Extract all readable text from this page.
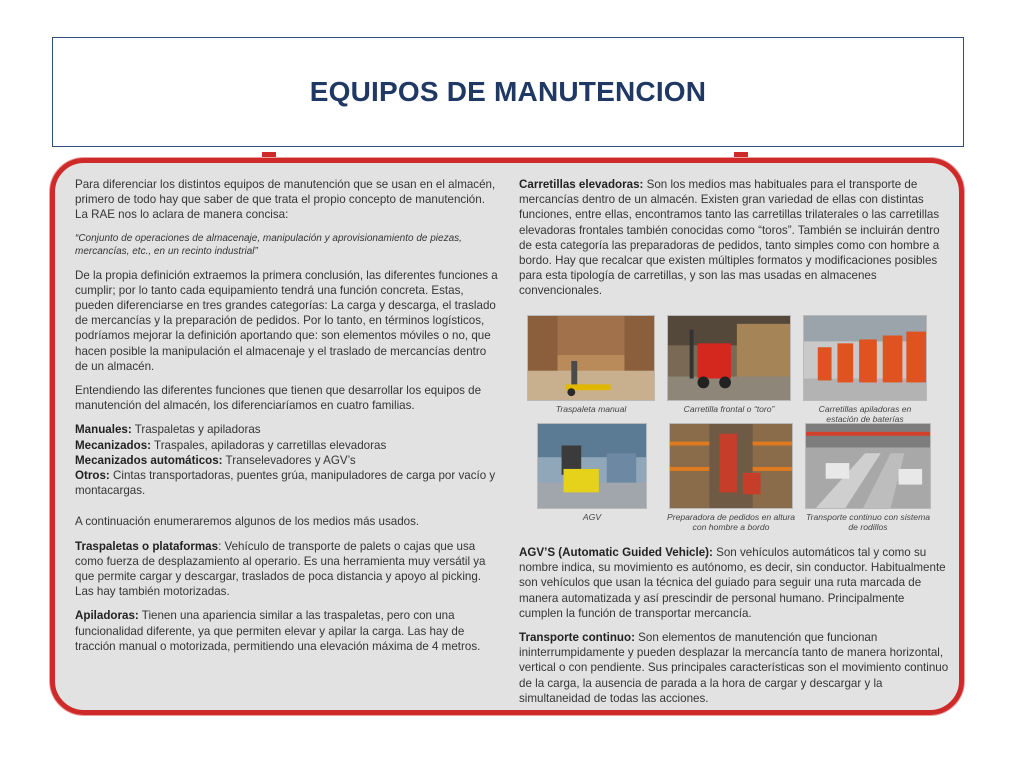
EQUIPOS DE MANUTENCION

Para diferenciar los distintos equipos de manutención que se usan en el almacén, primero de todo hay que saber de que trata el propio concepto de manutención. La RAE nos lo aclara de manera concisa:

“Conjunto de operaciones de almacenaje, manipulación y aprovisionamiento de piezas, mercancías, etc., en un recinto industrial”

De la propia definición extraemos la primera conclusión, las diferentes funciones a cumplir; por lo tanto cada equipamiento tendrá una función concreta. Estas, pueden diferenciarse en tres grandes categorías: La carga y descarga, el traslado de mercancías y la preparación de pedidos. Por lo tanto, en términos logísticos, podríamos mejorar la definición aportando que: son elementos móviles o no, que hacen posible la manipulación el almacenaje y el traslado de mercancías dentro de un almacén.

Entendiendo las diferentes funciones que tienen que desarrollar los equipos de manutención del almacén, los diferenciaríamos en cuatro familias.

Manuales: Traspaletas y apiladoras
Mecanizados: Traspales, apiladoras y carretillas elevadoras
Mecanizados automáticos: Transelevadores y AGV’s
Otros: Cintas transportadoras, puentes grúa, manipuladores de carga por vacío y montacargas.

A continuación enumeraremos algunos de los medios más usados.

Traspaletas o plataformas: Vehículo de transporte de palets o cajas que usa como fuerza de desplazamiento al operario. Es una herramienta muy versátil ya que permite cargar y descargar, traslados de poca distancia y apoyo al picking. Las hay también motorizadas.

Apiladoras: Tienen una apariencia similar a las traspaletas, pero con una funcionalidad diferente, ya que permiten elevar y apilar la carga. Las hay de tracción manual o motorizada, permitiendo una elevación máxima de 4 metros.

Carretillas elevadoras: Son los medios mas habituales para el transporte de mercancías dentro de un almacén. Existen gran variedad de ellas con distintas funciones, entre ellas, encontramos tanto las carretillas trilaterales o las carretillas elevadoras frontales también conocidas como “toros”. También se incluirán dentro de esta categoría las preparadoras de pedidos, tanto simples como con hombre a bordo. Hay que recalcar que existen múltiples formatos y modificaciones posibles para esta tipología de carretillas, y son las mas usadas en almacenes convencionales.

Traspaleta manual	Carretilla frontal o “toro”	Carretillas apiladoras en estación de baterías
AGV	Preparadora de pedidos en altura con hombre a bordo
Transporte continuo con sistema de rodillos

AGV’S (Automatic Guided Vehicle): Son vehículos automáticos tal y como su nombre indica, su movimiento es autónomo, es decir, sin conductor. Habitualmente son vehículos que usan la técnica del guiado para seguir una ruta marcada de manera automatizada y así prescindir de personal humano. Principalmente cumplen la función de transportar mercancía.

Transporte continuo: Son elementos de manutención que funcionan ininterrumpidamente y pueden desplazar la mercancía tanto de manera horizontal, vertical o con pendiente. Sus principales características son el movimiento continuo de la carga, la ausencia de parada a la hora de cargar y descargar y la simultaneidad de todas las acciones.
